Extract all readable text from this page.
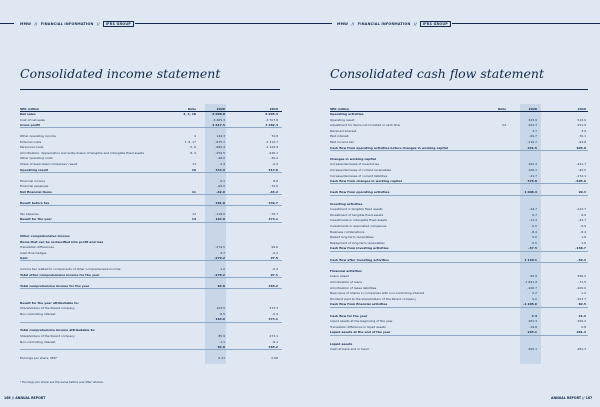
MMW // FINANCIAL INFORMATION // IFRS GROUP
Consolidated income statement
SEK million	Note	2020	2019
Net sales	3, 4, 18	6 098.8	6 905.3
Cost of net sales	-3 465.3	-3 707.8
Gross profit	2 617.5	2 282.4
Other operating income	4	144.3	70.8
External costs	7, 8, 17	-875.7	-1 312.7
Personnel costs	5, 6	-982.4	-1 129.9
Amortisation, depreciation and write-downs of tangible and intangible fixed assets	8, 9	-259.5	-226.1
Other operating costs	-48.0	-39.4
Share of associated companies' result	13	-2.4	-0.2
Operating result	10	343.9	513.0
Financial income	6.1	8.8
Financial expenses	-69.0	-72.0
Net financial items	11	-62.9	-63.2
Result before tax	281.0	449.7
Tax expense	12	-118.0	-76.7
Result for the year	14	163.0	373.1
Other comprehensive income
Items that can be reclassified into profit and loss
Translation differences	-274.5	99.6
Cash flow hedges	4.7	-0.2
Gain	-279.2	97.5
Income tax related to components of other comprehensive income	1.0	-0.4
Total other comprehensive income for the year	-278.2	97.1
Total comprehensive income for the year	84.8	465.2
Result for the year attributable to:
Shareholders of the Parent company	163.5	373.3
Non-controlling interest	-0.5	-0.4
163.0	373.1
Total comprehensive income attributable to:
Shareholders of the Parent company	85.9	473.1
Non-controlling interest	-1.1	-8.1
84.8	465.2
Earnings per share, SEK*	0.31	0.68
* Earnings per share are the same before and after dilution.
166 // ANNUAL REPORT
MMW // FINANCIAL INFORMATION // IFRS GROUP
Consolidated cash flow statement
SEK million	Note	2020	2019
Operating activities
Operating result	343.9	513.0
Adjustment for items not included in cash flow	24	264.3	251.9
Received interest	3.7	3.9
Paid interest	-69.7	-70.1
Paid income tax	-110.7	-93.8
Cash flow from operating activities before changes in working capital	431.5	605.0
Changes in working capital
Increase/decrease of inventories	492.3	-241.7
Increase/decrease of current receivables	106.1	-92.0
Increase/decrease of current liabilities	-21.7	-172.1
Cash flow from changes in working capital	576.8	-505.6
Cash flow from operating activities	1 008.4	99.3
Investing activities
Investment in tangible fixed assets	-44.7	-124.7
Divestment of tangible fixed assets	6.7	6.9
Investments in intangible fixed assets	-11.3	-43.7
Investments in associated companies	-0.5	-5.9
Business combinations	-8.4	-8.4
Raised long-term receivables	0.0	1.6
Repayment of long-term receivables	0.5	1.6
Cash flow from investing activities	-57.5	-158.7
Cash flow after investing activities	1 130.1	-59.3
Financial activities
Loans raised	82.9	356.2
Amortisation of loans	-1 091.4	-71.5
Amortisation of lease liabilities	-106.7	-100.0
New issue of shares in companies with non-controlling interest	0.2	1.2
Dividend paid to the shareholders of the Parent company	0.0	-103.7
Cash flow from financial activities	-1 105.6	82.5
Cash flow for the year	4.4	21.2
Liquid assets at the beginning of the year	281.3	259.2
Translation difference in liquid assets	-19.8	0.8
Liquid assets at the end of the year	265.1	281.3
Liquid assets
Cash at bank and in hand	265.1	281.3
ANNUAL REPORT // 167
